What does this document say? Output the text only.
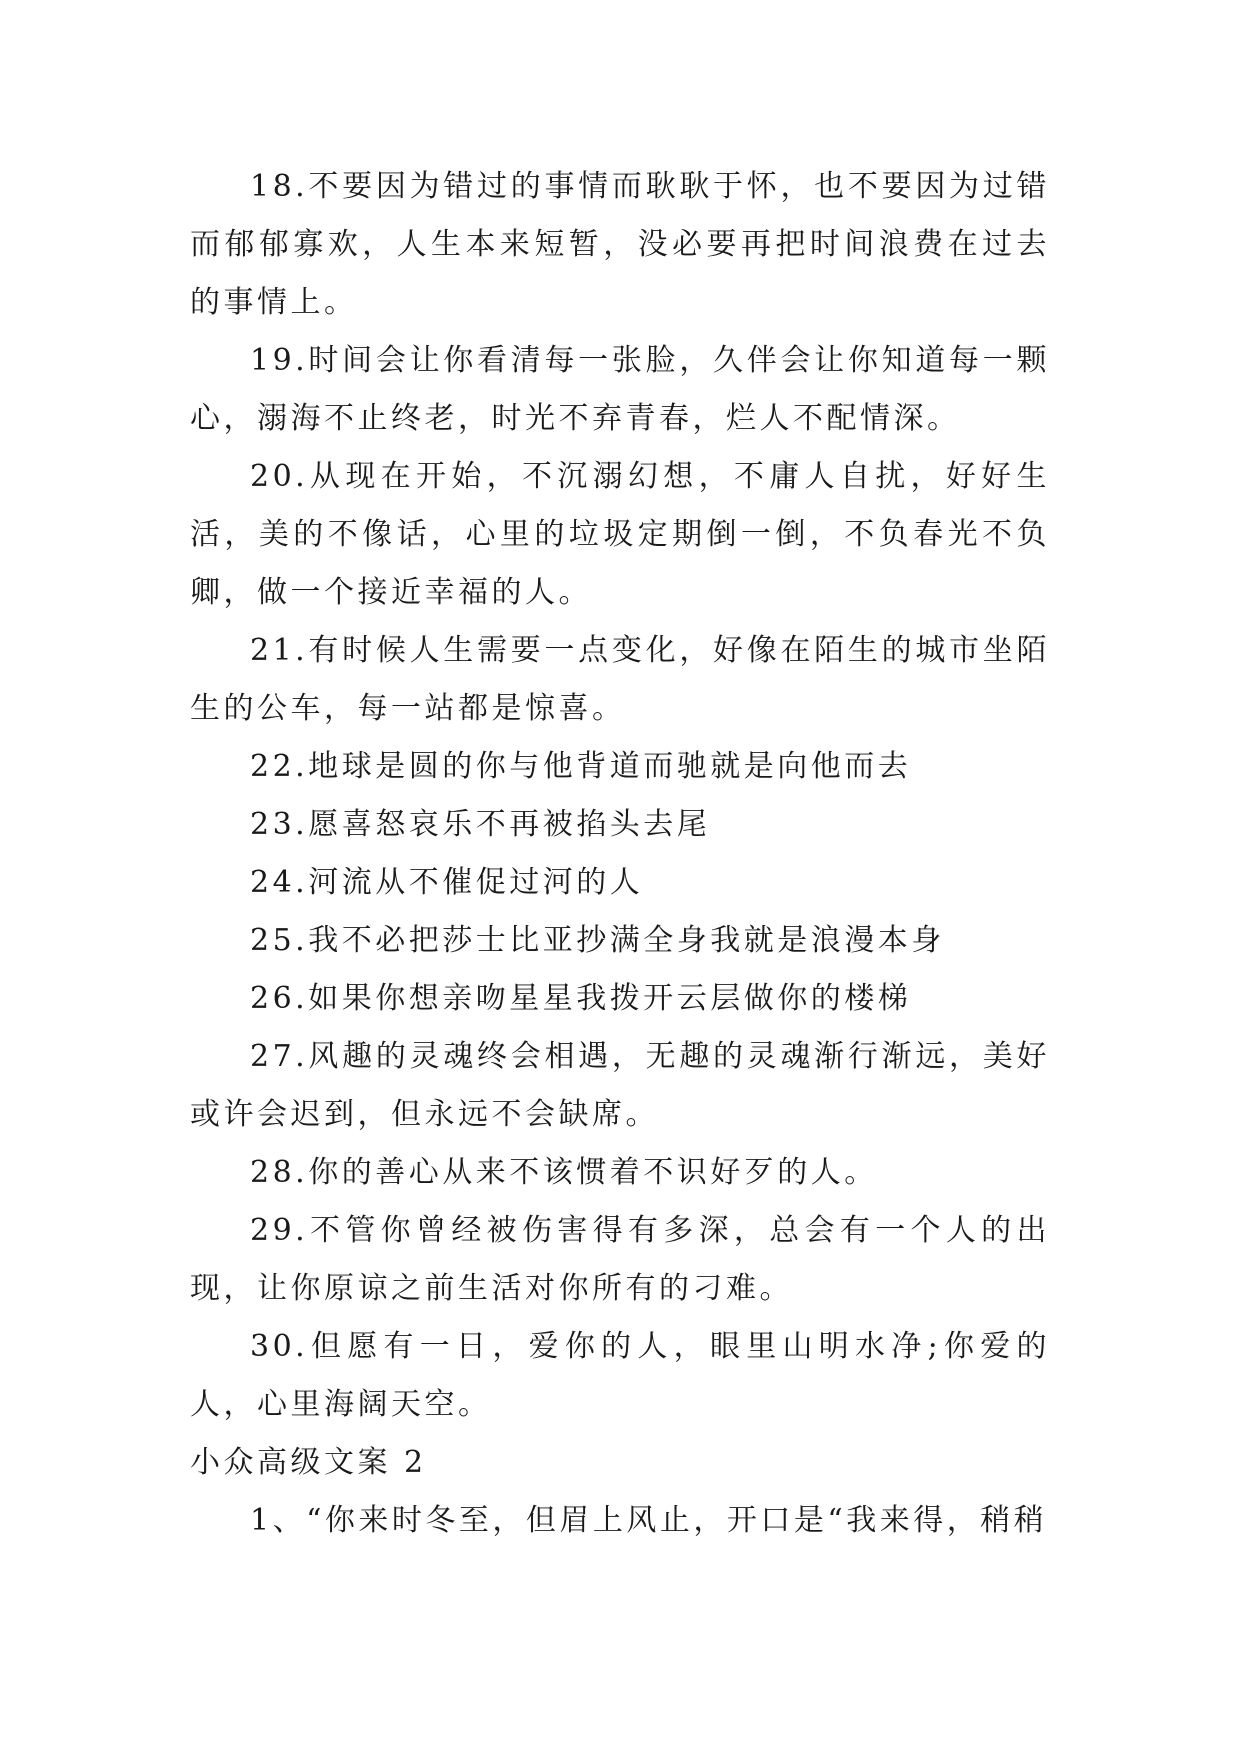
18.不要因为错过的事情而耿耿于怀，也不要因为过错而郁郁寡欢，人生本来短暂，没必要再把时间浪费在过去的事情上。

19.时间会让你看清每一张脸，久伴会让你知道每一颗心，溺海不止终老，时光不弃青春，烂人不配情深。

20.从现在开始，不沉溺幻想，不庸人自扰，好好生活，美的不像话，心里的垃圾定期倒一倒，不负春光不负卿，做一个接近幸福的人。

21.有时候人生需要一点变化，好像在陌生的城市坐陌生的公车，每一站都是惊喜。

22.地球是圆的你与他背道而驰就是向他而去

23.愿喜怒哀乐不再被掐头去尾

24.河流从不催促过河的人

25.我不必把莎士比亚抄满全身我就是浪漫本身

26.如果你想亲吻星星我拨开云层做你的楼梯

27.风趣的灵魂终会相遇，无趣的灵魂渐行渐远，美好或许会迟到，但永远不会缺席。

28.你的善心从来不该惯着不识好歹的人。

29.不管你曾经被伤害得有多深，总会有一个人的出现，让你原谅之前生活对你所有的刁难。

30.但愿有一日，爱你的人，眼里山明水净;你爱的人，心里海阔天空。

小众高级文案 2

1、“你来时冬至，但眉上风止，开口是“我来得，稍稍
